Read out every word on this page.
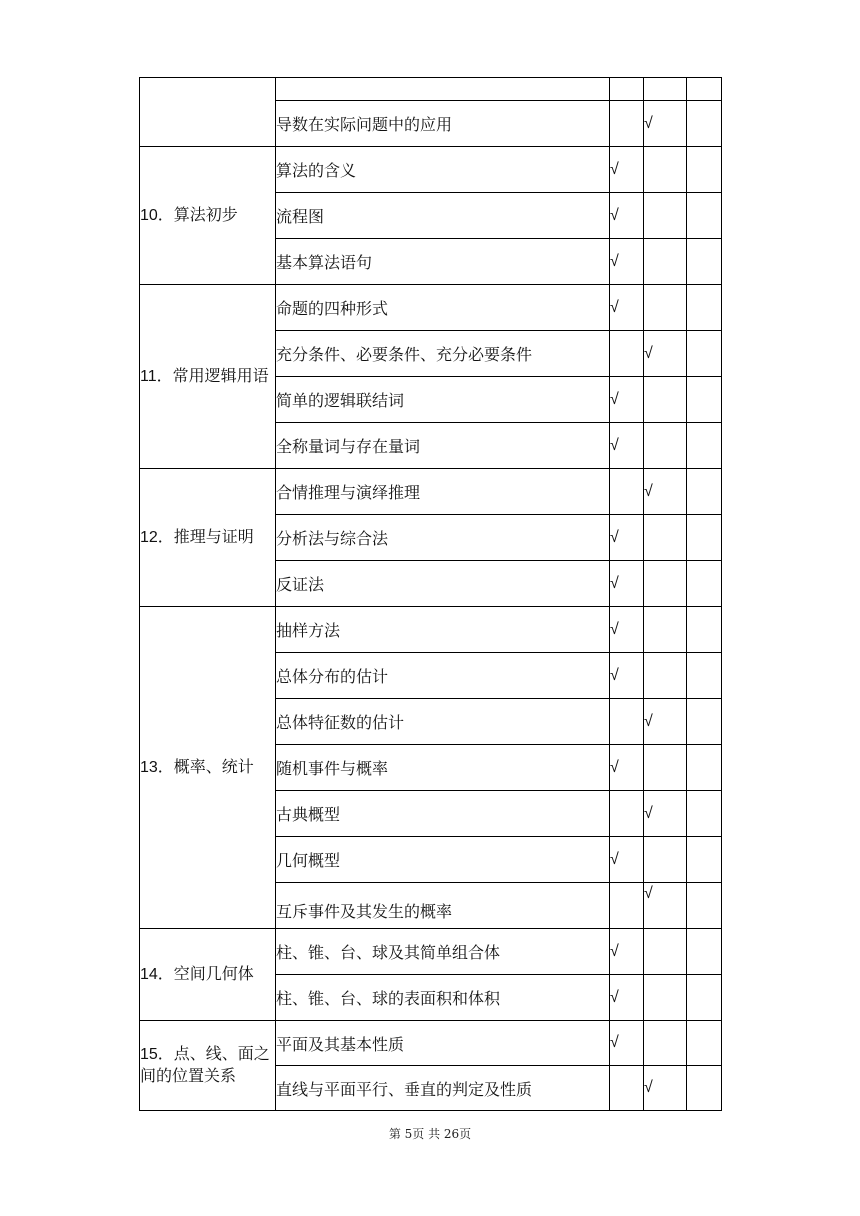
	导数在实际问题中的应用		√	
10．算法初步	算法的含义	√		
	流程图	√		
	基本算法语句	√		
11．常用逻辑用语	命题的四种形式	√		
	充分条件、必要条件、充分必要条件		√	
	简单的逻辑联结词	√		
	全称量词与存在量词	√		
12．推理与证明	合情推理与演绎推理		√	
	分析法与综合法	√		
	反证法	√		
13．概率、统计	抽样方法	√		
	总体分布的估计	√		
	总体特征数的估计		√	
	随机事件与概率	√		
	古典概型		√	
	几何概型	√		
	互斥事件及其发生的概率		√	
14．空间几何体	柱、锥、台、球及其简单组合体	√		
	柱、锥、台、球的表面积和体积	√		
15．点、线、面之间的位置关系	平面及其基本性质	√		
	直线与平面平行、垂直的判定及性质		√	
第 5页 共 26页
